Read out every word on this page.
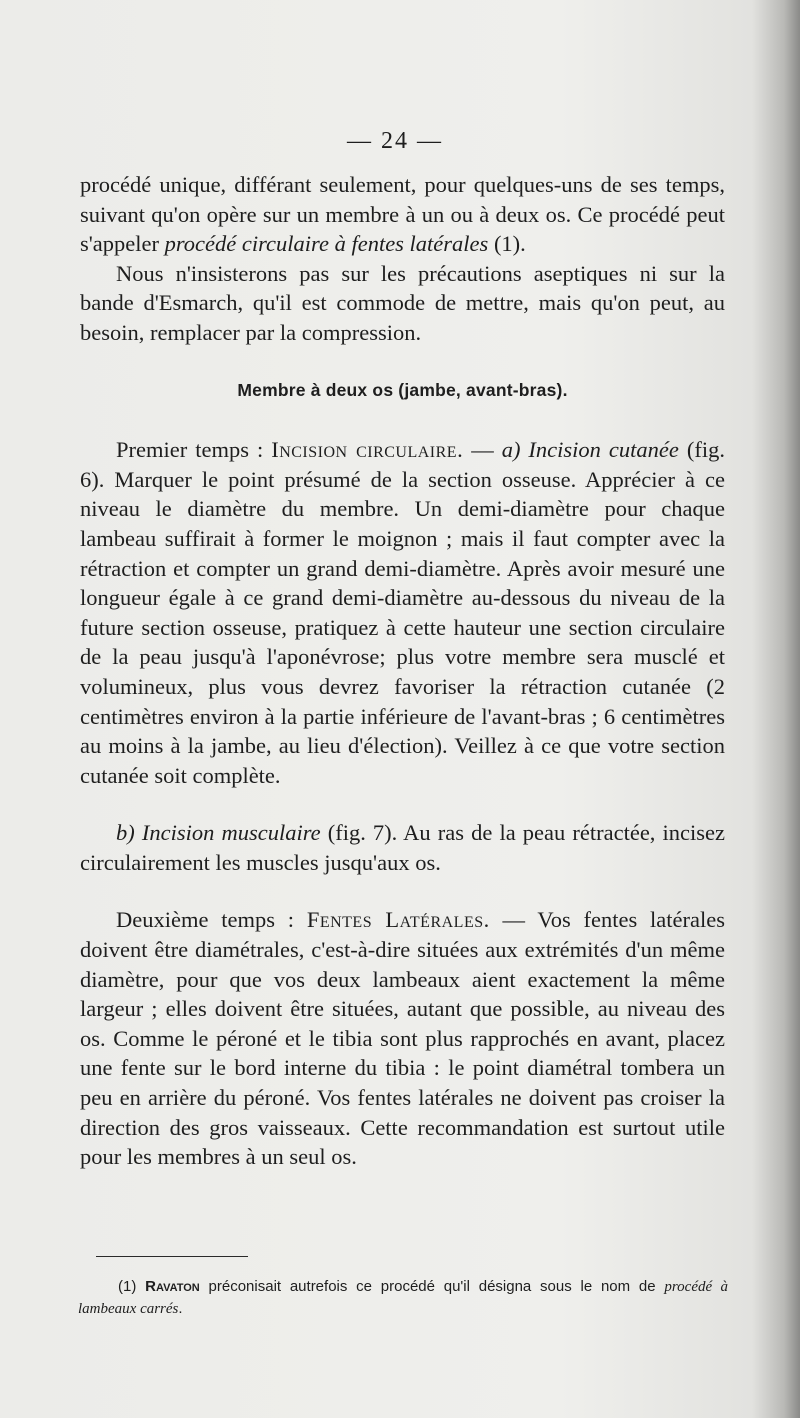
— 24 —

procédé unique, différant seulement, pour quelques-uns de ses temps, suivant qu'on opère sur un membre à un ou à deux os. Ce procédé peut s'appeler procédé circulaire à fentes latérales (1).

Nous n'insisterons pas sur les précautions aseptiques ni sur la bande d'Esmarch, qu'il est commode de mettre, mais qu'on peut, au besoin, remplacer par la compression.

Membre à deux os (jambe, avant-bras).

Premier temps : Incision circulaire. — a) Incision cutanée (fig. 6). Marquer le point présumé de la section osseuse. Apprécier à ce niveau le diamètre du membre. Un demi-diamètre pour chaque lambeau suffirait à former le moignon ; mais il faut compter avec la rétraction et compter un grand demi-diamètre. Après avoir mesuré une longueur égale à ce grand demi-diamètre au-dessous du niveau de la future section osseuse, pratiquez à cette hauteur une section circulaire de la peau jusqu'à l'aponévrose; plus votre membre sera musclé et volumineux, plus vous devrez favoriser la rétraction cutanée (2 centimètres environ à la partie inférieure de l'avant-bras ; 6 centimètres au moins à la jambe, au lieu d'élection). Veillez à ce que votre section cutanée soit complète.

b) Incision musculaire (fig. 7). Au ras de la peau rétractée, incisez circulairement les muscles jusqu'aux os.

Deuxième temps : Fentes Latérales. — Vos fentes latérales doivent être diamétrales, c'est-à-dire situées aux extrémités d'un même diamètre, pour que vos deux lambeaux aient exactement la même largeur ; elles doivent être situées, autant que possible, au niveau des os. Comme le péroné et le tibia sont plus rapprochés en avant, placez une fente sur le bord interne du tibia : le point diamétral tombera un peu en arrière du péroné. Vos fentes latérales ne doivent pas croiser la direction des gros vaisseaux. Cette recommandation est surtout utile pour les membres à un seul os.

(1) Ravaton préconisait autrefois ce procédé qu'il désigna sous le nom de procédé à lambeaux carrés.
